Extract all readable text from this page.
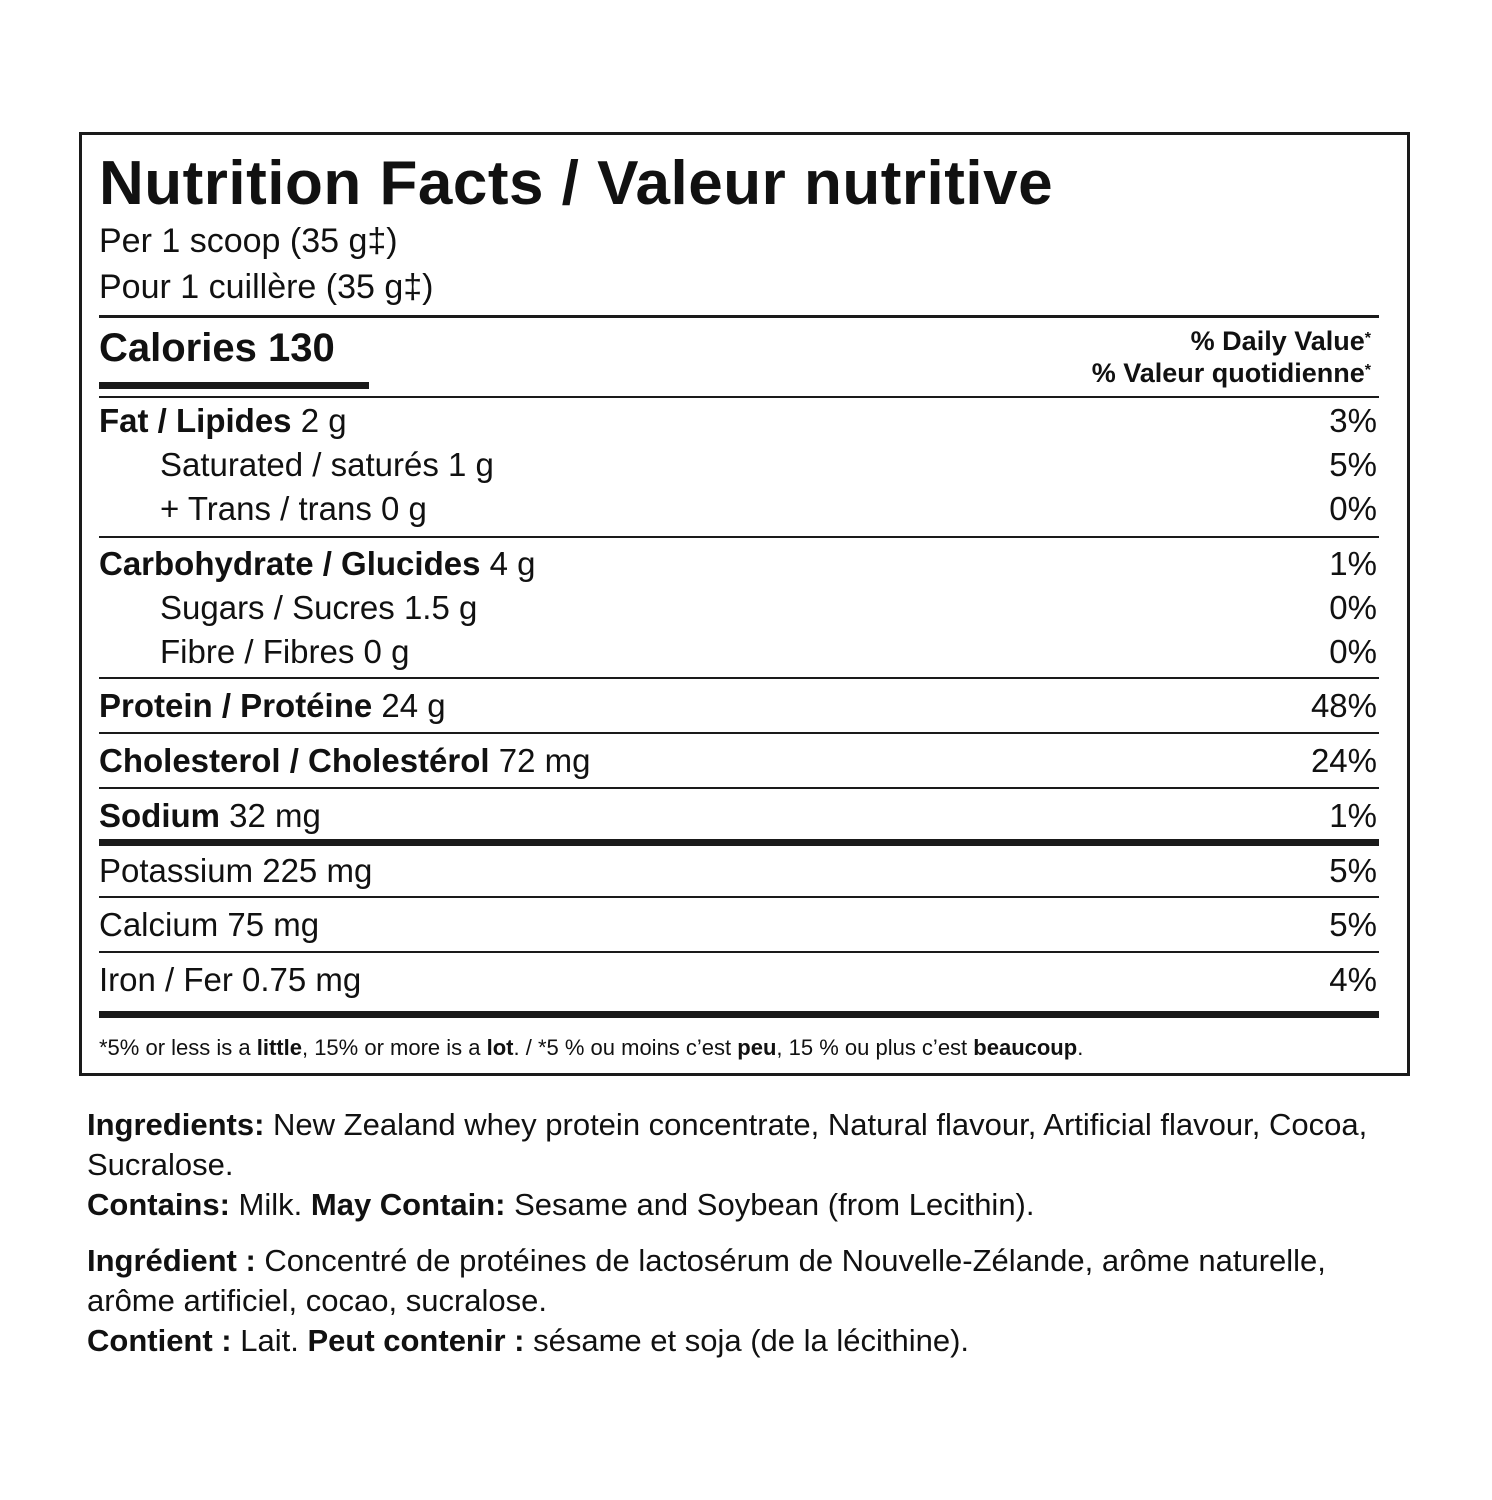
Nutrition Facts / Valeur nutritive
Per 1 scoop (35 g‡)
Pour 1 cuillère (35 g‡)
Calories 130	% Daily Value*
% Valeur quotidienne*
Fat / Lipides 2 g	3%
Saturated / saturés 1 g	5%
+ Trans / trans 0 g	0%
Carbohydrate / Glucides 4 g	1%
Sugars / Sucres 1.5 g	0%
Fibre / Fibres 0 g	0%
Protein / Protéine 24 g	48%
Cholesterol / Cholestérol 72 mg	24%
Sodium 32 mg	1%
Potassium 225 mg	5%
Calcium 75 mg	5%
Iron / Fer 0.75 mg	4%
*5% or less is a little, 15% or more is a lot. / *5 % ou moins c’est peu, 15 % ou plus c’est beaucoup.
Ingredients: New Zealand whey protein concentrate, Natural flavour, Artificial flavour, Cocoa, Sucralose.
Contains: Milk. May Contain: Sesame and Soybean (from Lecithin).
Ingrédient : Concentré de protéines de lactosérum de Nouvelle-Zélande, arôme naturelle, arôme artificiel, cocao, sucralose.
Contient : Lait. Peut contenir : sésame et soja (de la lécithine).
